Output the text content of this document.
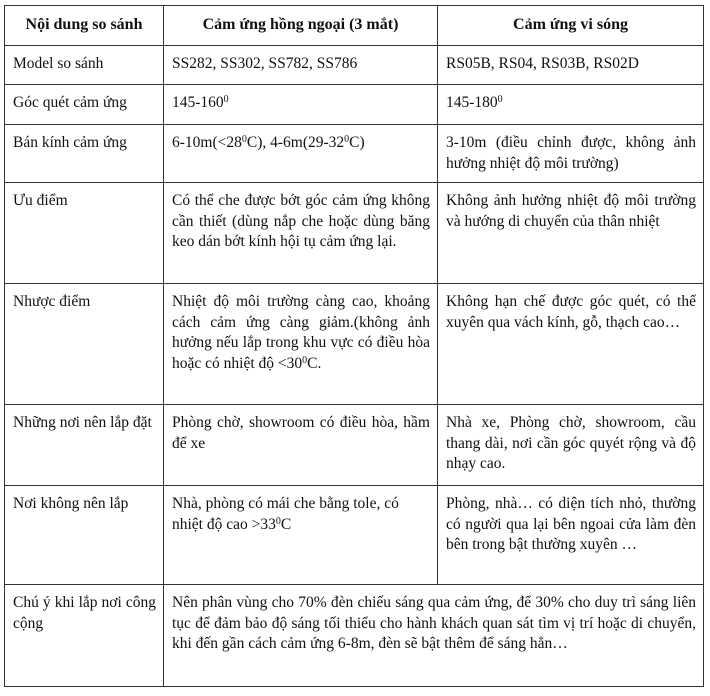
Nội dung so sánh	Cảm ứng hồng ngoại (3 mắt)	Cảm ứng vi sóng
Model so sánh	SS282, SS302, SS782, SS786	RS05B, RS04, RS03B, RS02D
Góc quét cảm ứng	$145-160^0$	$145-180^0$
Bán kính cảm ứng	$6-10m(<28^0C)$, $4-6m(29-32^0C)$	3-10m (điều chỉnh được, không ảnh hưởng nhiệt độ môi trường)
Ưu điểm	Có thể che được bớt góc cảm ứng không cần thiết (dùng nắp che hoặc dùng băng keo dán bớt kính hội tụ cảm ứng lại.	Không ảnh hưởng nhiệt độ môi trường và hướng di chuyển của thân nhiệt
Nhược điểm	Nhiệt độ môi trường càng cao, khoảng cách cảm ứng càng giảm.(không ảnh hưởng nếu lắp trong khu vực có điều hòa hoặc có nhiệt độ $<30^0C$.	Không hạn chế được góc quét, có thể xuyên qua vách kính, gỗ, thạch cao…
Những nơi nên lắp đặt	Phòng chờ, showroom có điều hòa, hầm để xe	Nhà xe, Phòng chờ, showroom, cầu thang dài, nơi cần góc quyét rộng và độ nhạy cao.
Nơi không nên lắp	Nhà, phòng có mái che bằng tole, có nhiệt độ cao $>33^0C$	Phòng, nhà… có diện tích nhỏ, thường có người qua lại bên ngoai cửa làm đèn bên trong bật thường xuyên …
Chú ý khi lắp nơi công cộng	Nên phân vùng cho 70% đèn chiếu sáng qua cảm ứng, để 30% cho duy trì sáng liên tục để đảm bảo độ sáng tối thiểu cho hành khách quan sát tìm vị trí hoặc di chuyển, khi đến gần cách cảm ứng 6-8m, đèn sẽ bật thêm để sáng hẳn…	
